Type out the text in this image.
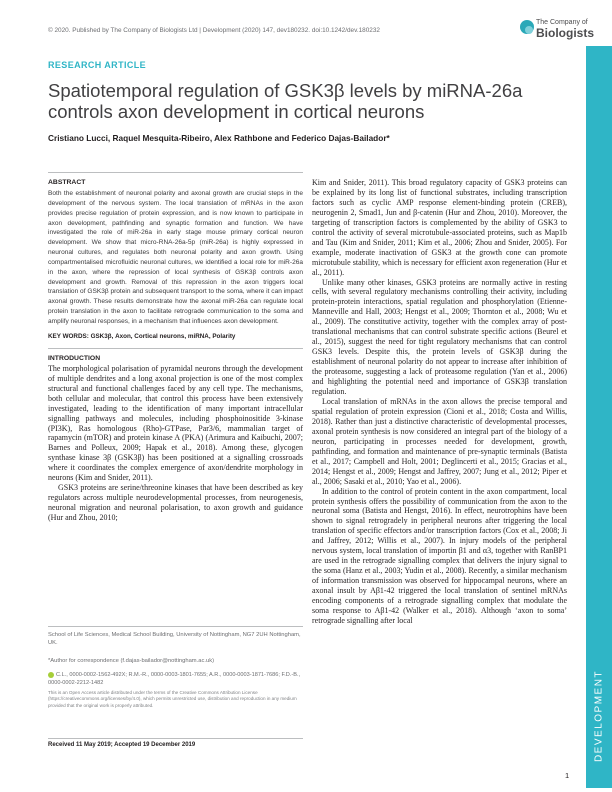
© 2020. Published by The Company of Biologists Ltd | Development (2020) 147, dev180232. doi:10.1242/dev.180232
The Company of
Biologists
DEVELOPMENT
RESEARCH ARTICLE
Spatiotemporal regulation of GSK3β levels by miRNA-26a controls axon development in cortical neurons
Cristiano Lucci, Raquel Mesquita-Ribeiro, Alex Rathbone and Federico Dajas-Bailador*
ABSTRACT

Both the establishment of neuronal polarity and axonal growth are crucial steps in the development of the nervous system. The local translation of mRNAs in the axon provides precise regulation of protein expression, and is now known to participate in axon development, pathfinding and synaptic formation and function. We have investigated the role of miR-26a in early stage mouse primary cortical neuron development. We show that micro-RNA-26a-5p (miR-26a) is highly expressed in neuronal cultures, and regulates both neuronal polarity and axon growth. Using compartmentalised microfluidic neuronal cultures, we identified a local role for miR-26a in the axon, where the repression of local synthesis of GSK3β controls axon development and growth. Removal of this repression in the axon triggers local translation of GSK3β protein and subsequent transport to the soma, where it can impact axonal growth. These results demonstrate how the axonal miR-26a can regulate local protein translation in the axon to facilitate retrograde communication to the soma and amplify neuronal responses, in a mechanism that influences axon development.

KEY WORDS: GSK3β, Axon, Cortical neurons, miRNA, Polarity

INTRODUCTION

The morphological polarisation of pyramidal neurons through the development of multiple dendrites and a long axonal projection is one of the most complex structural and functional challenges faced by any cell type. The mechanisms, both cellular and molecular, that control this process have been extensively investigated, leading to the identification of many important intracellular signalling pathways and molecules, including phosphoinositide 3-kinase (PI3K), Ras homologous (Rho)-GTPase, Par3/6, mammalian target of rapamycin (mTOR) and protein kinase A (PKA) (Arimura and Kaibuchi, 2007; Barnes and Polleux, 2009; Hapak et al., 2018). Among these, glycogen synthase kinase 3β (GSK3β) has been positioned at a signalling crossroads where it coordinates the complex emergence of axon/dendrite morphology in neurons (Kim and Snider, 2011).

GSK3 proteins are serine/threonine kinases that have been described as key regulators across multiple neurodevelopmental processes, from neurogenesis, neuronal migration and neuronal polarisation, to axon growth and guidance (Hur and Zhou, 2010;

School of Life Sciences, Medical School Building, University of Nottingham, NG7 2UH Nottingham, UK.
*Author for correspondence (f.dajas-bailador@nottingham.ac.uk)
C.L., 0000-0002-1562-492X; R.M.-R., 0000-0003-1801-7655; A.R., 0000-0003-1871-7686; F.D.-B., 0000-0002-2212-1482
This is an Open Access article distributed under the terms of the Creative Commons Attribution License (https://creativecommons.org/licenses/by/4.0), which permits unrestricted use, distribution and reproduction in any medium provided that the original work is properly attributed.
Received 11 May 2019; Accepted 19 December 2019

Kim and Snider, 2011). This broad regulatory capacity of GSK3 proteins can be explained by its long list of functional substrates, including transcription factors such as cyclic AMP response element-binding protein (CREB), neurogenin 2, Smad1, Jun and β-catenin (Hur and Zhou, 2010). Moreover, the targeting of transcription factors is complemented by the ability of GSK3 to control the activity of several microtubule-associated proteins, such as Map1b and Tau (Kim and Snider, 2011; Kim et al., 2006; Zhou and Snider, 2005). For example, moderate inactivation of GSK3 at the growth cone can promote microtubule stability, which is necessary for efficient axon regeneration (Hur et al., 2011).

Unlike many other kinases, GSK3 proteins are normally active in resting cells, with several regulatory mechanisms controlling their activity, including protein-protein interactions, spatial regulation and phosphorylation (Etienne-Manneville and Hall, 2003; Hengst et al., 2009; Thornton et al., 2008; Wu et al., 2009). The constitutive activity, together with the complex array of post-translational mechanisms that can control substrate specific actions (Beurel et al., 2015), suggest the need for tight regulatory mechanisms that can control GSK3 levels. Despite this, the protein levels of GSK3β during the establishment of neuronal polarity do not appear to increase after inhibition of the proteasome, suggesting a lack of proteasome regulation (Yan et al., 2006) and highlighting the potential need and importance of GSK3β translation regulation.

Local translation of mRNAs in the axon allows the precise temporal and spatial regulation of protein expression (Cioni et al., 2018; Costa and Willis, 2018). Rather than just a distinctive characteristic of developmental processes, axonal protein synthesis is now considered an integral part of the biology of a neuron, participating in processes needed for development, growth, pathfinding, and formation and maintenance of pre-synaptic terminals (Batista et al., 2017; Campbell and Holt, 2001; Deglincerti et al., 2015; Gracias et al., 2014; Hengst et al., 2009; Hengst and Jaffrey, 2007; Jung et al., 2012; Piper et al., 2006; Sasaki et al., 2010; Yao et al., 2006).

In addition to the control of protein content in the axon compartment, local protein synthesis offers the possibility of communication from the axon to the neuronal soma (Batista and Hengst, 2016). In effect, neurotrophins have been shown to signal retrogradely in peripheral neurons after triggering the local translation of specific effectors and/or transcription factors (Cox et al., 2008; Ji and Jaffrey, 2012; Willis et al., 2007). In injury models of the peripheral nervous system, local translation of importin β1 and α3, together with RanBP1 are used in the retrograde signalling complex that delivers the injury signal to the soma (Hanz et al., 2003; Yudin et al., 2008). Recently, a similar mechanism of information transmission was observed for hippocampal neurons, where an axonal insult by Aβ1-42 triggered the local translation of sentinel mRNAs encoding components of a retrograde signalling complex that modulate the soma response to Aβ1-42 (Walker et al., 2018). Although ‘axon to soma’ retrograde signalling after local

1
